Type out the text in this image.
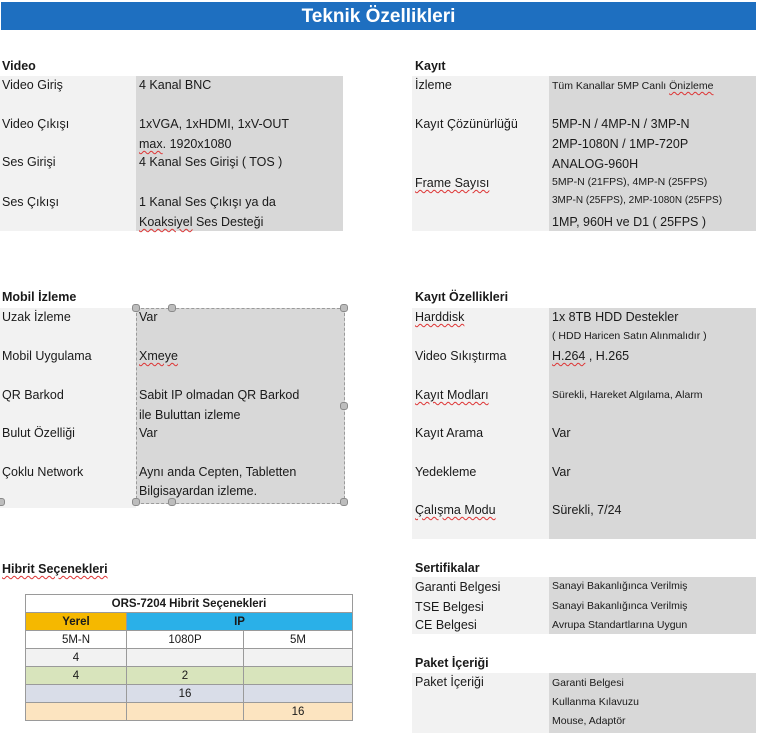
Teknik Özellikleri
Video
Video Giriş	4 Kanal BNC
Video Çıkışı	1xVGA, 1xHDMI, 1xV-OUT
max. 1920x1080
Ses Girişi	4 Kanal Ses Girişi ( TOS )
Ses Çıkışı	1 Kanal Ses Çıkışı ya da
Koaksiyel Ses Desteği
Kayıt
İzleme	Tüm Kanallar 5MP Canlı Önizleme
Kayıt Çözünürlüğü	5MP-N / 4MP-N / 3MP-N
2MP-1080N / 1MP-720P
ANALOG-960H
Frame Sayısı	5MP-N (21FPS), 4MP-N (25FPS)
3MP-N (25FPS), 2MP-1080N (25FPS)
1MP, 960H ve D1 ( 25FPS )
Mobil İzleme
Uzak İzleme	Var
Mobil Uygulama	Xmeye
QR Barkod	Sabit IP olmadan QR Barkod
ile Buluttan izleme
Bulut Özelliği	Var
Çoklu Network	Aynı anda Cepten, Tabletten
Bilgisayardan izleme.
Kayıt Özellikleri
Harddisk	1x 8TB HDD Destekler
( HDD Haricen Satın Alınmalıdır )
Video Sıkıştırma	H.264 , H.265
Kayıt Modları	Sürekli, Hareket Algılama, Alarm
Kayıt Arama	Var
Yedekleme	Var
Çalışma Modu	Sürekli, 7/24
Hibrit Seçenekleri
ORS-7204 Hibrit Seçenekleri		
Yerel	IP	
5M-N	1080P	5M
4		
4	2	
	16	
		16
Sertifikalar
Garanti Belgesi	Sanayi Bakanlığınca Verilmiş
TSE Belgesi	Sanayi Bakanlığınca Verilmiş
CE Belgesi	Avrupa Standartlarına Uygun
Paket İçeriği
Paket İçeriği	Garanti Belgesi
Kullanma Kılavuzu
Mouse, Adaptör
